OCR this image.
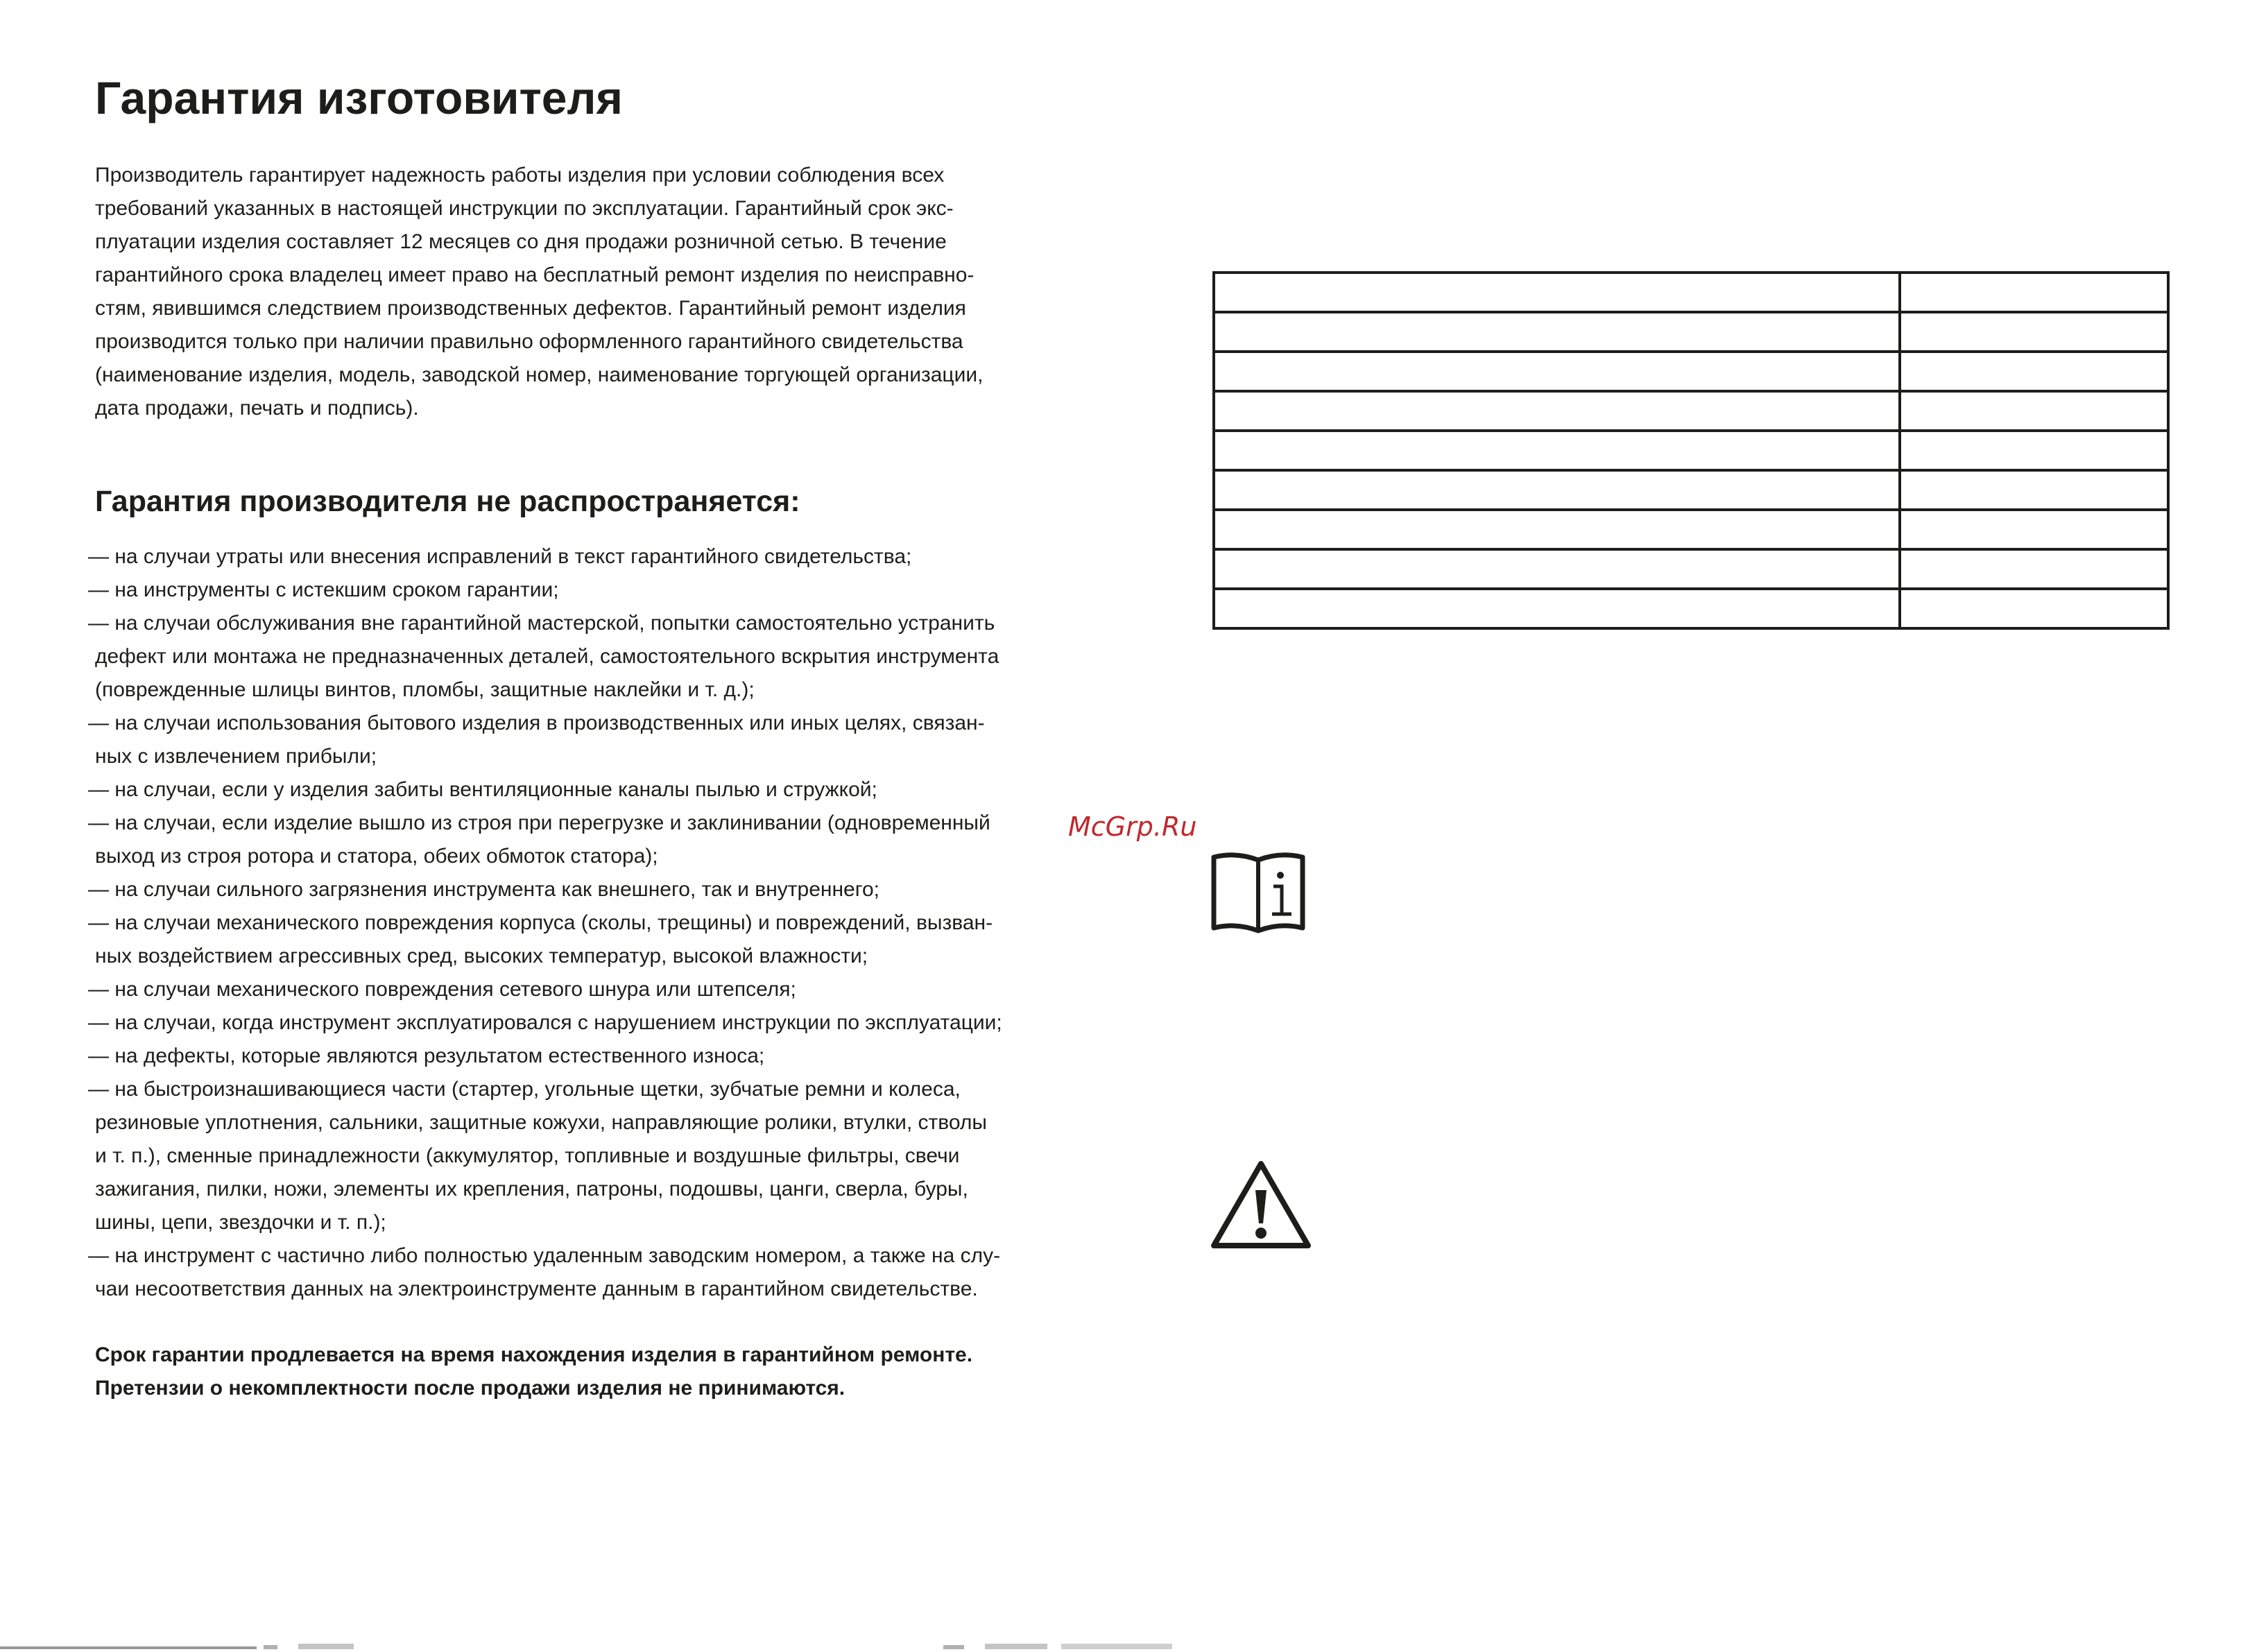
Гарантия изготовителя
Производитель гарантирует надежность работы изделия при условии соблюдения всех
требований указанных в настоящей инструкции по эксплуатации. Гарантийный срок экс-
плуатации изделия составляет 12 месяцев со дня продажи розничной сетью. В течение
гарантийного срока владелец имеет право на бесплатный ремонт изделия по неисправно-
стям, явившимся следствием производственных дефектов. Гарантийный ремонт изделия
производится только при наличии правильно оформленного гарантийного свидетельства
(наименование изделия, модель, заводской номер, наименование торгующей организации,
дата продажи, печать и подпись).
Гарантия производителя не распространяется:
— на случаи утраты или внесения исправлений в текст гарантийного свидетельства;
— на инструменты с истекшим сроком гарантии;
— на случаи обслуживания вне гарантийной мастерской, попытки самостоятельно устранить
дефект или монтажа не предназначенных деталей, самостоятельного вскрытия инструмента
(поврежденные шлицы винтов, пломбы, защитные наклейки и т. д.);
— на случаи использования бытового изделия в производственных или иных целях, связан-
ных с извлечением прибыли;
— на случаи, если у изделия забиты вентиляционные каналы пылью и стружкой;
— на случаи, если изделие вышло из строя при перегрузке и заклинивании (одновременный
выход из строя ротора и статора, обеих обмоток статора);
— на случаи сильного загрязнения инструмента как внешнего, так и внутреннего;
— на случаи механического повреждения корпуса (сколы, трещины) и повреждений, вызван-
ных воздействием агрессивных сред, высоких температур, высокой влажности;
— на случаи механического повреждения сетевого шнура или штепселя;
— на случаи, когда инструмент эксплуатировался с нарушением инструкции по эксплуатации;
— на дефекты, которые являются результатом естественного износа;
— на быстроизнашивающиеся части (стартер, угольные щетки, зубчатые ремни и колеса,
резиновые уплотнения, сальники, защитные кожухи, направляющие ролики, втулки, стволы
и т. п.), сменные принадлежности (аккумулятор, топливные и воздушные фильтры, свечи
зажигания, пилки, ножи, элементы их крепления, патроны, подошвы, цанги, сверла, буры,
шины, цепи, звездочки и т. п.);
— на инструмент с частично либо полностью удаленным заводским номером, а также на слу-
чаи несоответствия данных на электроинструменте данным в гарантийном свидетельстве.
Срок гарантии продлевается на время нахождения изделия в гарантийном ремонте.
Претензии о некомплектности после продажи изделия не принимаются.

McGrp.Ru
